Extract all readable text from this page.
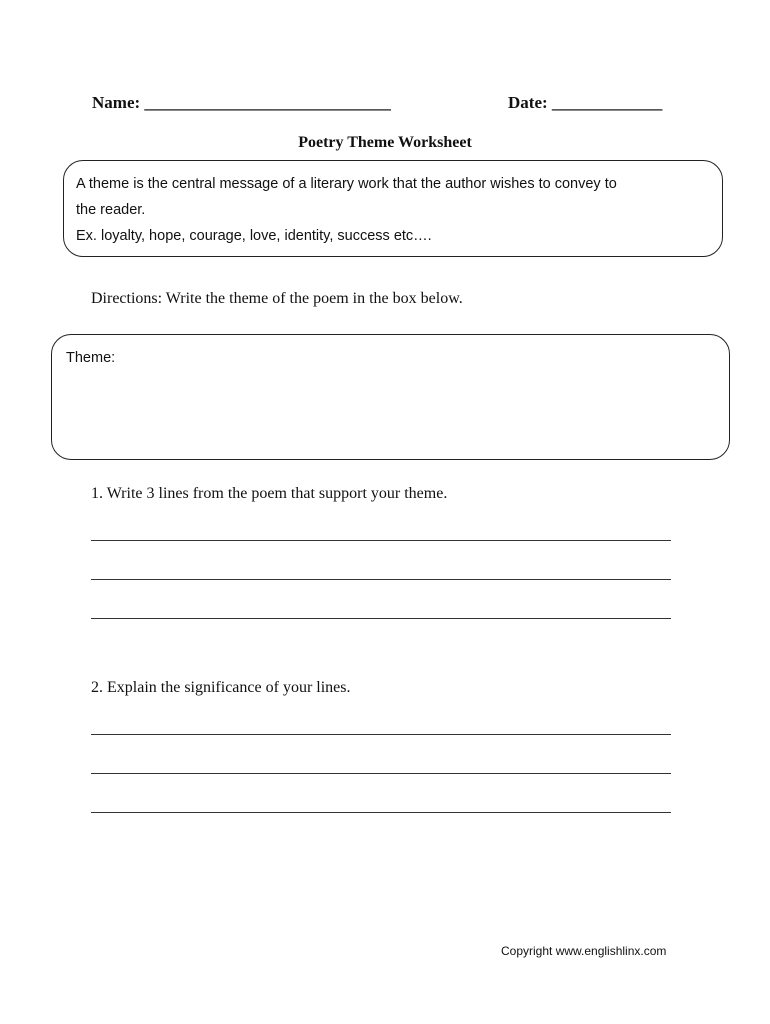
Name: _____________________________	Date: _____________
Poetry Theme Worksheet
A theme is the central message of a literary work that the author wishes to convey to
the reader.
Ex. loyalty, hope, courage, love, identity, success etc….
Directions: Write the theme of the poem in the box below.
Theme:
1. Write 3 lines from the poem that support your theme.
2. Explain the significance of your lines.
Copyright www.englishlinx.com
